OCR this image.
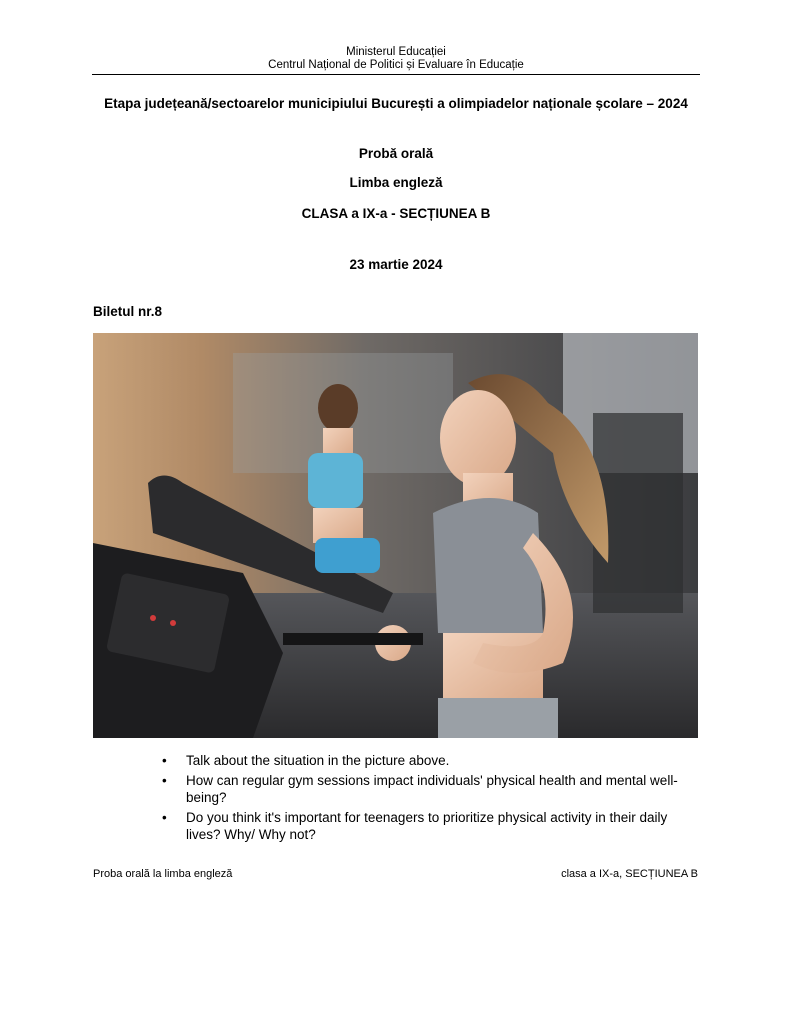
Ministerul Educației
Centrul Național de Politici și Evaluare în Educație
Etapa județeană/sectoarelor municipiului București a olimpiadelor naționale școlare – 2024
Probă orală
Limba engleză
CLASA a IX-a - SECȚIUNEA B
23 martie 2024
Biletul nr.8
• Talk about the situation in the picture above.
• How can regular gym sessions impact individuals' physical health and mental well-being?
• Do you think it's important for teenagers to prioritize physical activity in their daily lives? Why/ Why not?
Proba orală la limba engleză	clasa a IX-a, SECȚIUNEA B
